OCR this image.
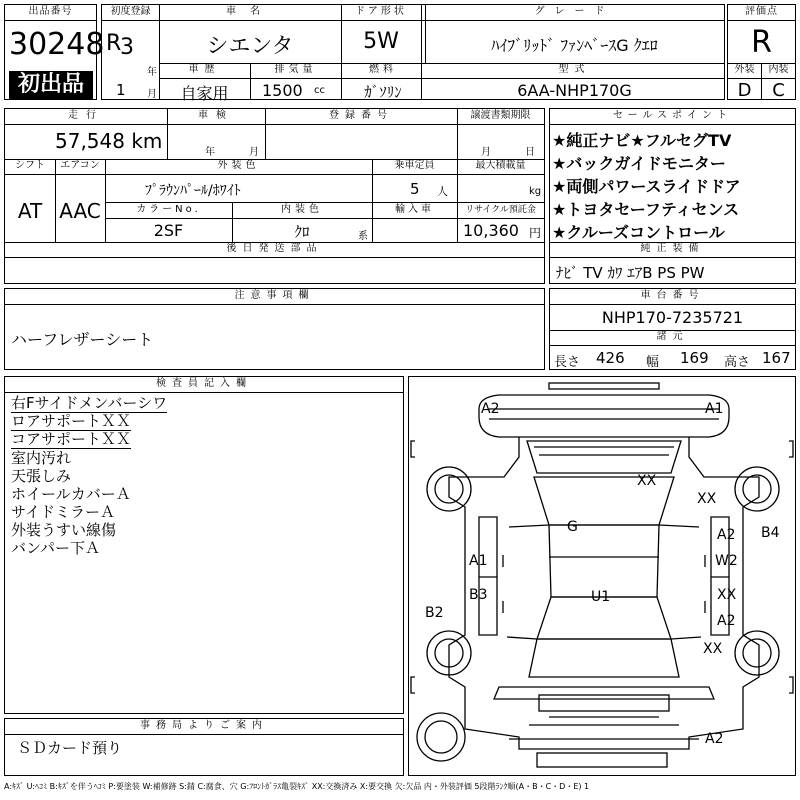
出品番号
30248
初出品
初度登録
R
3
年
1 月
車名
シエンタ
ドア形状
5W
グレード
ﾊｲﾌﾞﾘｯﾄﾞ ﾌｧﾝﾍﾞｰｽG ｸｴﾛ
車歴
自家用
排気量
1500 cc
燃料
ｶﾞｿﾘﾝ
型式
6AA-NHP170G
評価点
R
外装	内装
D	C
走行
57,548 km
車検
年	月
登録番号	譲渡書類期限
月	日
シフト
AT
エアコン
AAC
外装色
ﾌﾟﾗｳﾝﾊﾟｰﾙ/ﾎﾜｲﾄ
乗車定員
5 人
最大積載量
kg
カラーNo.
2SF
内装色
ｸﾛ	系
輸入車	リサイクル預託金
10,360 円
後日発送部品
セールスポイント
★純正ナビ★フルセグTV
★バックガイドモニター
★両側パワースライドドア
★トヨタセーフティセンス
★クルーズコントロール
純正装備
ﾅﾋﾞ TV ｶﾜ ｴｱB PS PW
注意事項欄
ハーフレザーシート
車台番号
NHP170-7235721
諸元
長さ 426 幅 169 高さ 167
検査員記入欄
右Fサイドメンバーシワ
ロアサポートＸＸ
コアサポートＸＸ
室内汚れ
天張しみ
ホイールカバーＡ
サイドミラーＡ
外装うすい線傷
バンパー下Ａ
事務局よりご案内
ＳＤカード預り
A2	A1
XX
XX
G	A2 B4
A1	W2
B3	U1	XX
B2	A2
XX
A2
A:ｷｽﾞ U:ﾍｺﾐ B:ｷｽﾞを伴うﾍｺﾐ P:要塗装 W:補修跡 S:錆 C:腐食、穴 G:ﾌﾛﾝﾄｶﾞﾗｽ亀裂ｷｽﾞ XX:交換済み X:要交換 欠:欠品 内・外装評価 5段階ﾗﾝｸ順(A・B・C・D・E) 1
